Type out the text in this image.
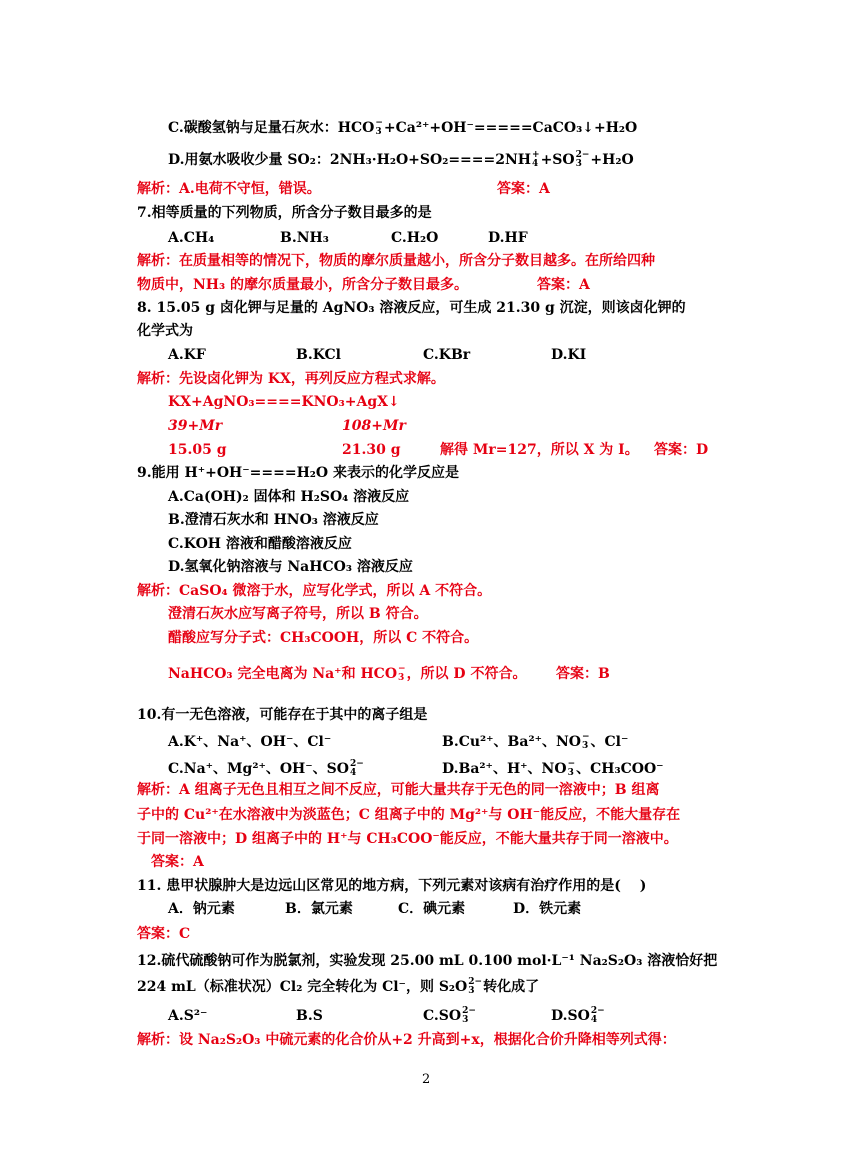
C.碳酸氢钠与足量石灰水：HCO −
3 +Ca²⁺+OH⁻=====CaCO₃↓+H₂O
D.用氨水吸收少量 SO₂：2NH₃·H₂O+SO₂====2NH +
4 +SO 2−
3 +H₂O
解析：A.电荷不守恒，错误。	答案：A
7.相等质量的下列物质，所含分子数目最多的是
A.CH₄	B.NH₃	C.H₂O	D.HF
解析：在质量相等的情况下，物质的摩尔质量越小，所含分子数目越多。在所给四种
物质中，NH₃ 的摩尔质量最小，所含分子数目最多。	答案：A
8. 15.05 g 卤化钾与足量的 AgNO₃ 溶液反应，可生成 21.30 g 沉淀，则该卤化钾的
化学式为
A.KF	B.KCl	C.KBr	D.KI
解析：先设卤化钾为 KX，再列反应方程式求解。
KX+AgNO₃====KNO₃+AgX↓
39+Mr	108+Mr
15.05 g	21.30 g	解得 Mr=127，所以 X 为 I。 答案：D
9.能用 H⁺+OH⁻====H₂O 来表示的化学反应是
A.Ca(OH)₂ 固体和 H₂SO₄ 溶液反应
B.澄清石灰水和 HNO₃ 溶液反应
C.KOH 溶液和醋酸溶液反应
D.氢氧化钠溶液与 NaHCO₃ 溶液反应
解析：CaSO₄ 微溶于水，应写化学式，所以 A 不符合。
澄清石灰水应写离子符号，所以 B 符合。
醋酸应写分子式：CH₃COOH，所以 C 不符合。
NaHCO₃ 完全电离为 Na⁺和 HCO −
3 ，所以 D 不符合。 答案：B
10.有一无色溶液，可能存在于其中的离子组是
A.K⁺、Na⁺、OH⁻、Cl⁻	B.Cu²⁺、Ba²⁺、NO −
3 、Cl⁻
C.Na⁺、Mg²⁺、OH⁻、SO 2−
4	D.Ba²⁺、H⁺、NO −
3 、CH₃COO⁻
解析：A 组离子无色且相互之间不反应，可能大量共存于无色的同一溶液中；B 组离
子中的 Cu²⁺在水溶液中为淡蓝色；C 组离子中的 Mg²⁺与 OH⁻能反应，不能大量存在
于同一溶液中；D 组离子中的 H⁺与 CH₃COO⁻能反应，不能大量共存于同一溶液中。
答案：A
11. 患甲状腺肿大是边远山区常见的地方病，下列元素对该病有治疗作用的是(　 )
A．钠元素	B．氯元素	C．碘元素	D．铁元素
答案：C
12.硫代硫酸钠可作为脱氯剂，实验发现 25.00 mL 0.100 mol·L⁻¹ Na₂S₂O₃ 溶液恰好把
224 mL（标准状况）Cl₂ 完全转化为 Cl⁻，则 S₂O 2−
3 转化成了
A.S²⁻	B.S	C.SO 2−
3	D.SO 2−
4
解析：设 Na₂S₂O₃ 中硫元素的化合价从+2 升高到+x，根据化合价升降相等列式得：
2
